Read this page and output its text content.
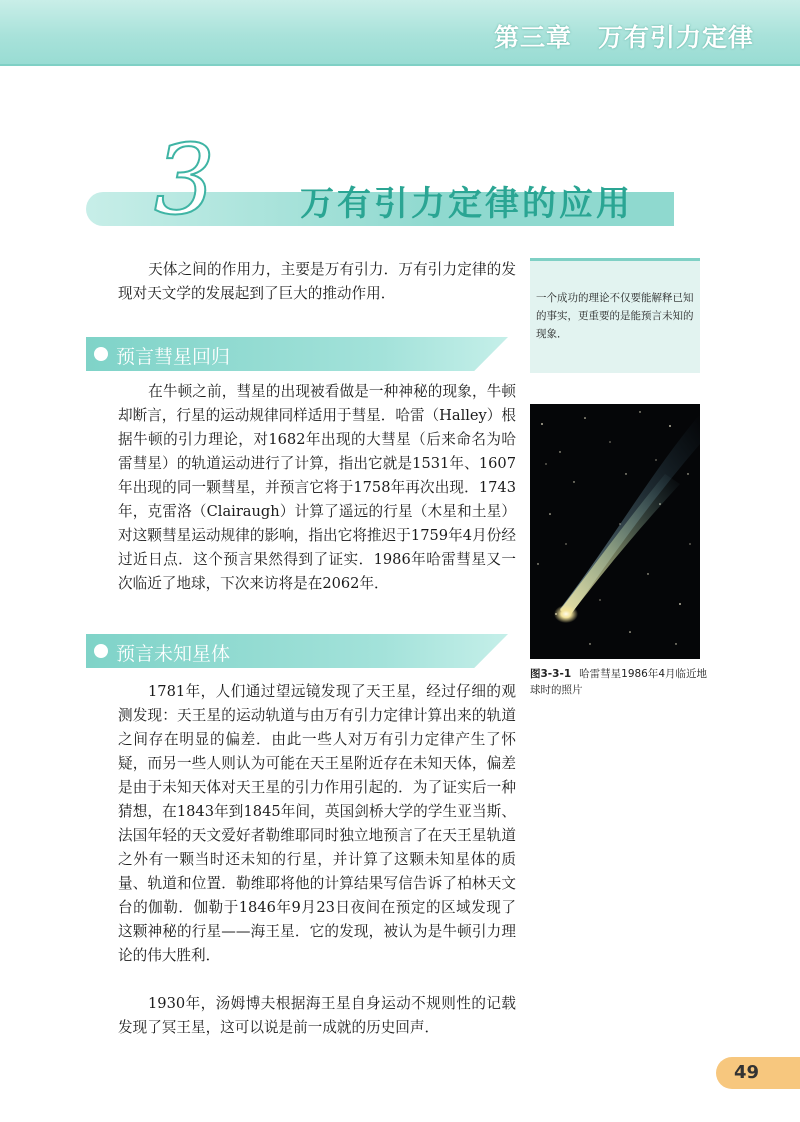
第三章　万有引力定律
3 万有引力定律的应用
天体之间的作用力，主要是万有引力．万有引力定律的发现对天文学的发展起到了巨大的推动作用．	一个成功的理论不仅要能解释已知的事实，更重要的是能预言未知的现象．
预言彗星回归
在牛顿之前，彗星的出现被看做是一种神秘的现象，牛顿却断言，行星的运动规律同样适用于彗星．哈雷（Halley）根据牛顿的引力理论，对1682年出现的大彗星（后来命名为哈雷彗星）的轨道运动进行了计算，指出它就是1531年、1607年出现的同一颗彗星，并预言它将于1758年再次出现．1743年，克雷洛（Clairaugh）计算了遥远的行星（木星和土星）对这颗彗星运动规律的影响，指出它将推迟于1759年4月份经过近日点．这个预言果然得到了证实．1986年哈雷彗星又一次临近了地球，下次来访将是在2062年．
预言未知星体
1781年，人们通过望远镜发现了天王星，经过仔细的观测发现：天王星的运动轨道与由万有引力定律计算出来的轨道之间存在明显的偏差．由此一些人对万有引力定律产生了怀疑，而另一些人则认为可能在天王星附近存在未知天体，偏差是由于未知天体对天王星的引力作用引起的．为了证实后一种猜想，在1843年到1845年间，英国剑桥大学的学生亚当斯、法国年轻的天文爱好者勒维耶同时独立地预言了在天王星轨道之外有一颗当时还未知的行星，并计算了这颗未知星体的质量、轨道和位置．勒维耶将他的计算结果写信告诉了柏林天文台的伽勒．伽勒于1846年9月23日夜间在预定的区域发现了这颗神秘的行星——海王星．它的发现，被认为是牛顿引力理论的伟大胜利．
1930年，汤姆博夫根据海王星自身运动不规则性的记载发现了冥王星，这可以说是前一成就的历史回声．
图3-3-1 哈雷彗星1986年4月临近地球时的照片
49
